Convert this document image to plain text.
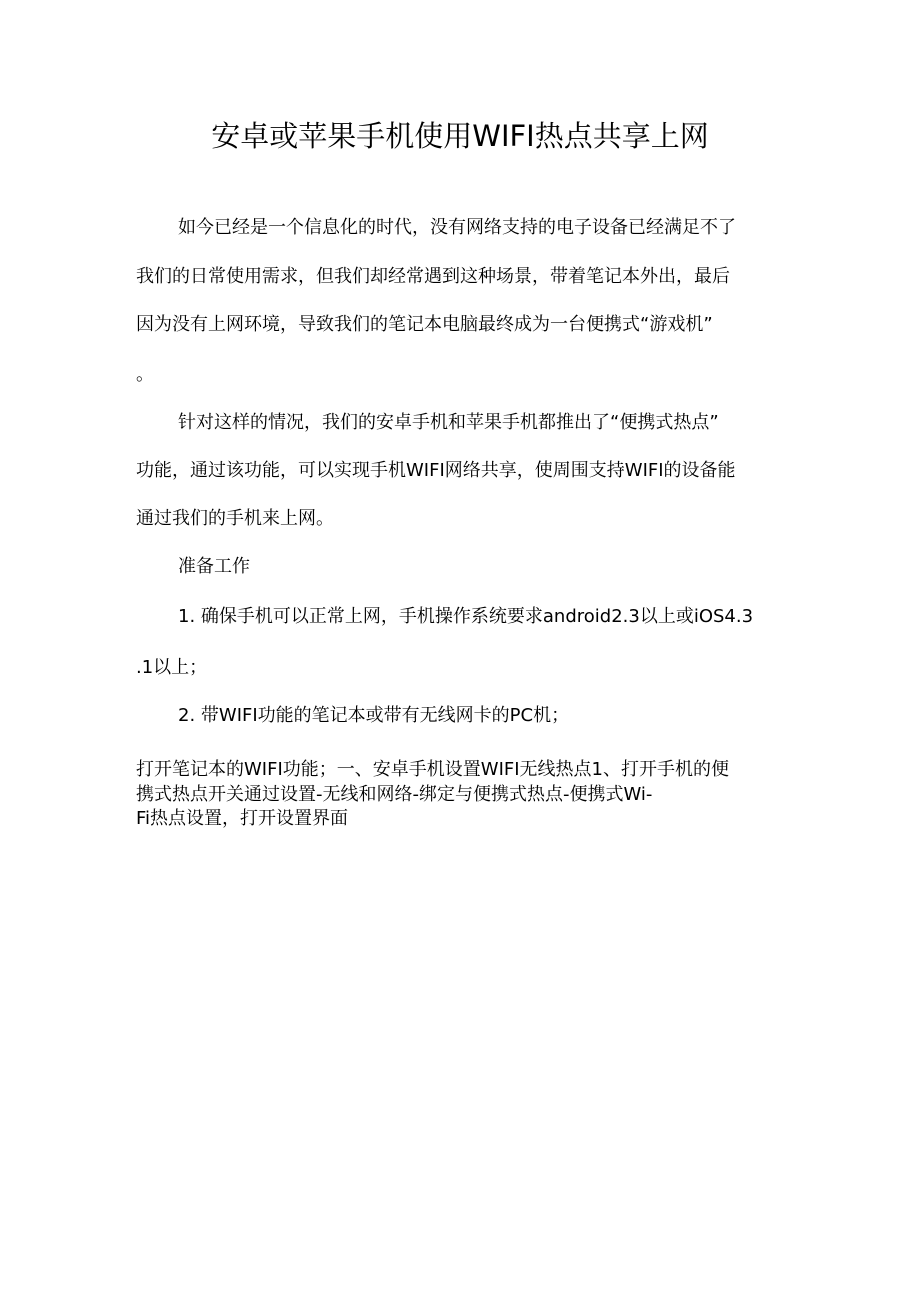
安卓或苹果手机使用WIFI热点共享上网
如今已经是一个信息化的时代，没有网络支持的电子设备已经满足不了
我们的日常使用需求，但我们却经常遇到这种场景，带着笔记本外出，最后
因为没有上网环境，导致我们的笔记本电脑最终成为一台便携式“游戏机”
。
针对这样的情况，我们的安卓手机和苹果手机都推出了“便携式热点”
功能，通过该功能，可以实现手机WIFI网络共享，使周围支持WIFI的设备能
通过我们的手机来上网。
准备工作
1. 确保手机可以正常上网，手机操作系统要求android2.3以上或iOS4.3
.1以上；
2. 带WIFI功能的笔记本或带有无线网卡的PC机；
打开笔记本的WIFI功能；一、安卓手机设置WIFI无线热点1、打开手机的便
携式热点开关通过设置-无线和网络-绑定与便携式热点-便携式Wi-
Fi热点设置，打开设置界面
